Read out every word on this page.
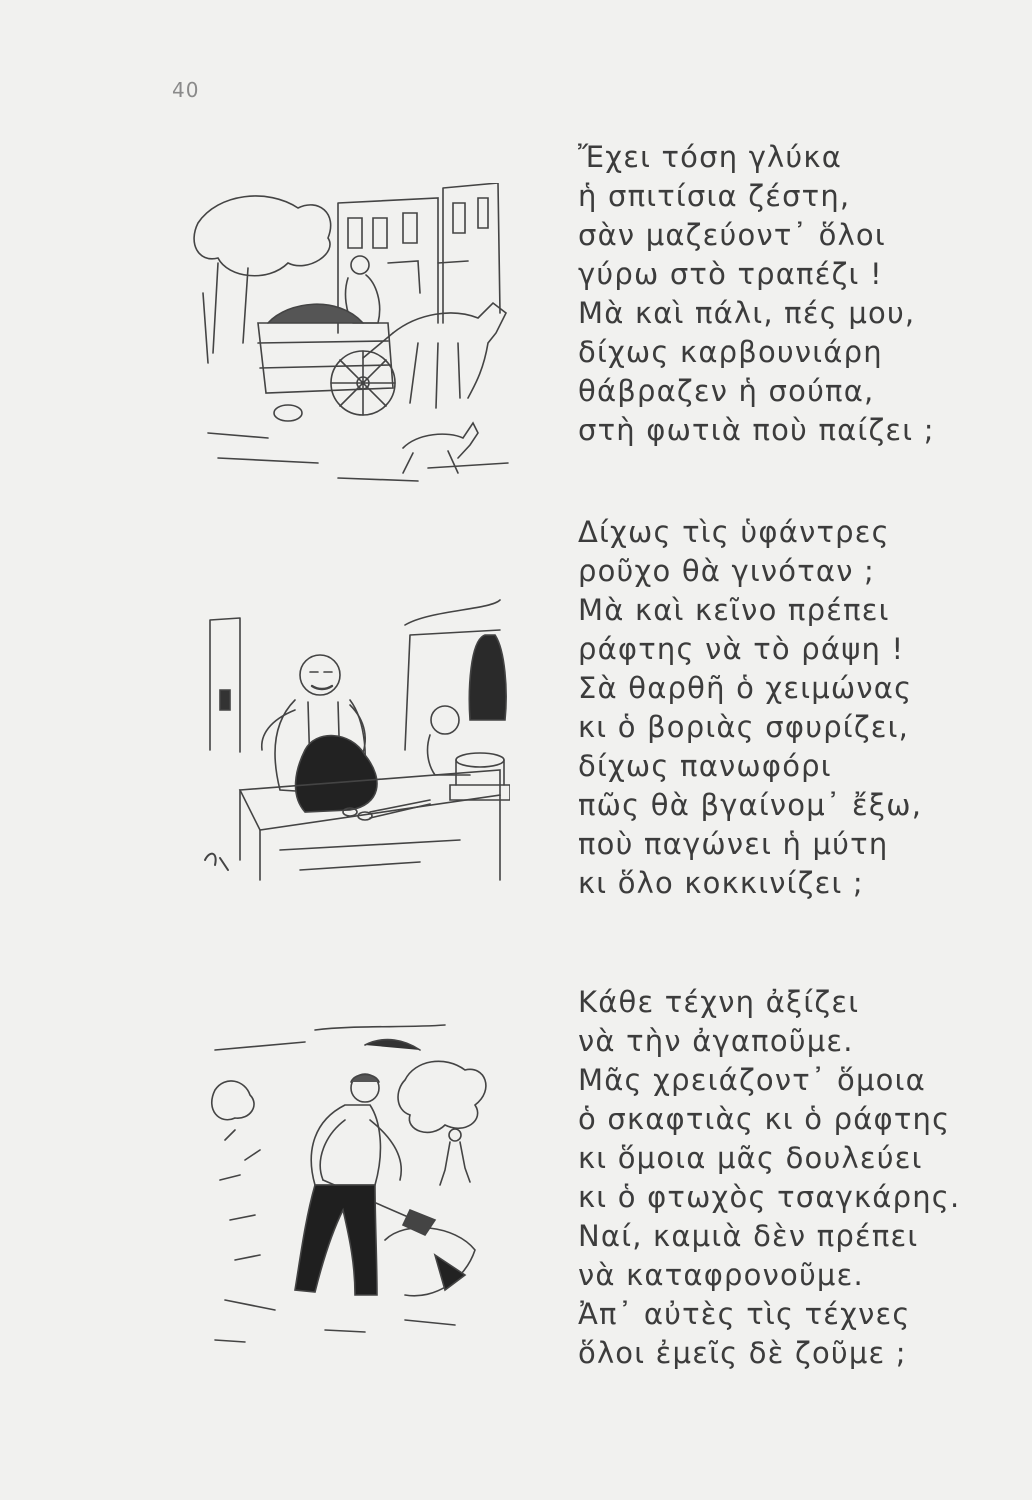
40
Ἔχει τόση γλύκα
ἡ σπιτίσια ζέστη,
σὰν μαζεύοντ᾽ ὅλοι
γύρω στὸ τραπέζι !
Μὰ καὶ πάλι, πές μου,
δίχως καρβουνιάρη
θάβραζεν ἡ σούπα,
στὴ φωτιὰ ποὺ παίζει ;
Δίχως τὶς ὑφάντρες
ροῦχο θὰ γινόταν ;
Μὰ καὶ κεῖνο πρέπει
ράφτης νὰ τὸ ράψη !
Σὰ θαρθῆ ὁ χειμώνας
κι ὁ βοριὰς σφυρίζει,
δίχως πανωφόρι
πῶς θὰ βγαίνομ᾽ ἔξω,
ποὺ παγώνει ἡ μύτη
κι ὅλο κοκκινίζει ;
Κάθε τέχνη ἀξίζει
νὰ τὴν ἀγαποῦμε.
Μᾶς χρειάζοντ᾽ ὅμοια
ὁ σκαφτιὰς κι ὁ ράφτης
κι ὅμοια μᾶς δουλεύει
κι ὁ φτωχὸς τσαγκάρης.
Ναί, καμιὰ δὲν πρέπει
νὰ καταφρονοῦμε.
Ἀπ᾽ αὐτὲς τὶς τέχνες
ὅλοι ἐμεῖς δὲ ζοῦμε ;
